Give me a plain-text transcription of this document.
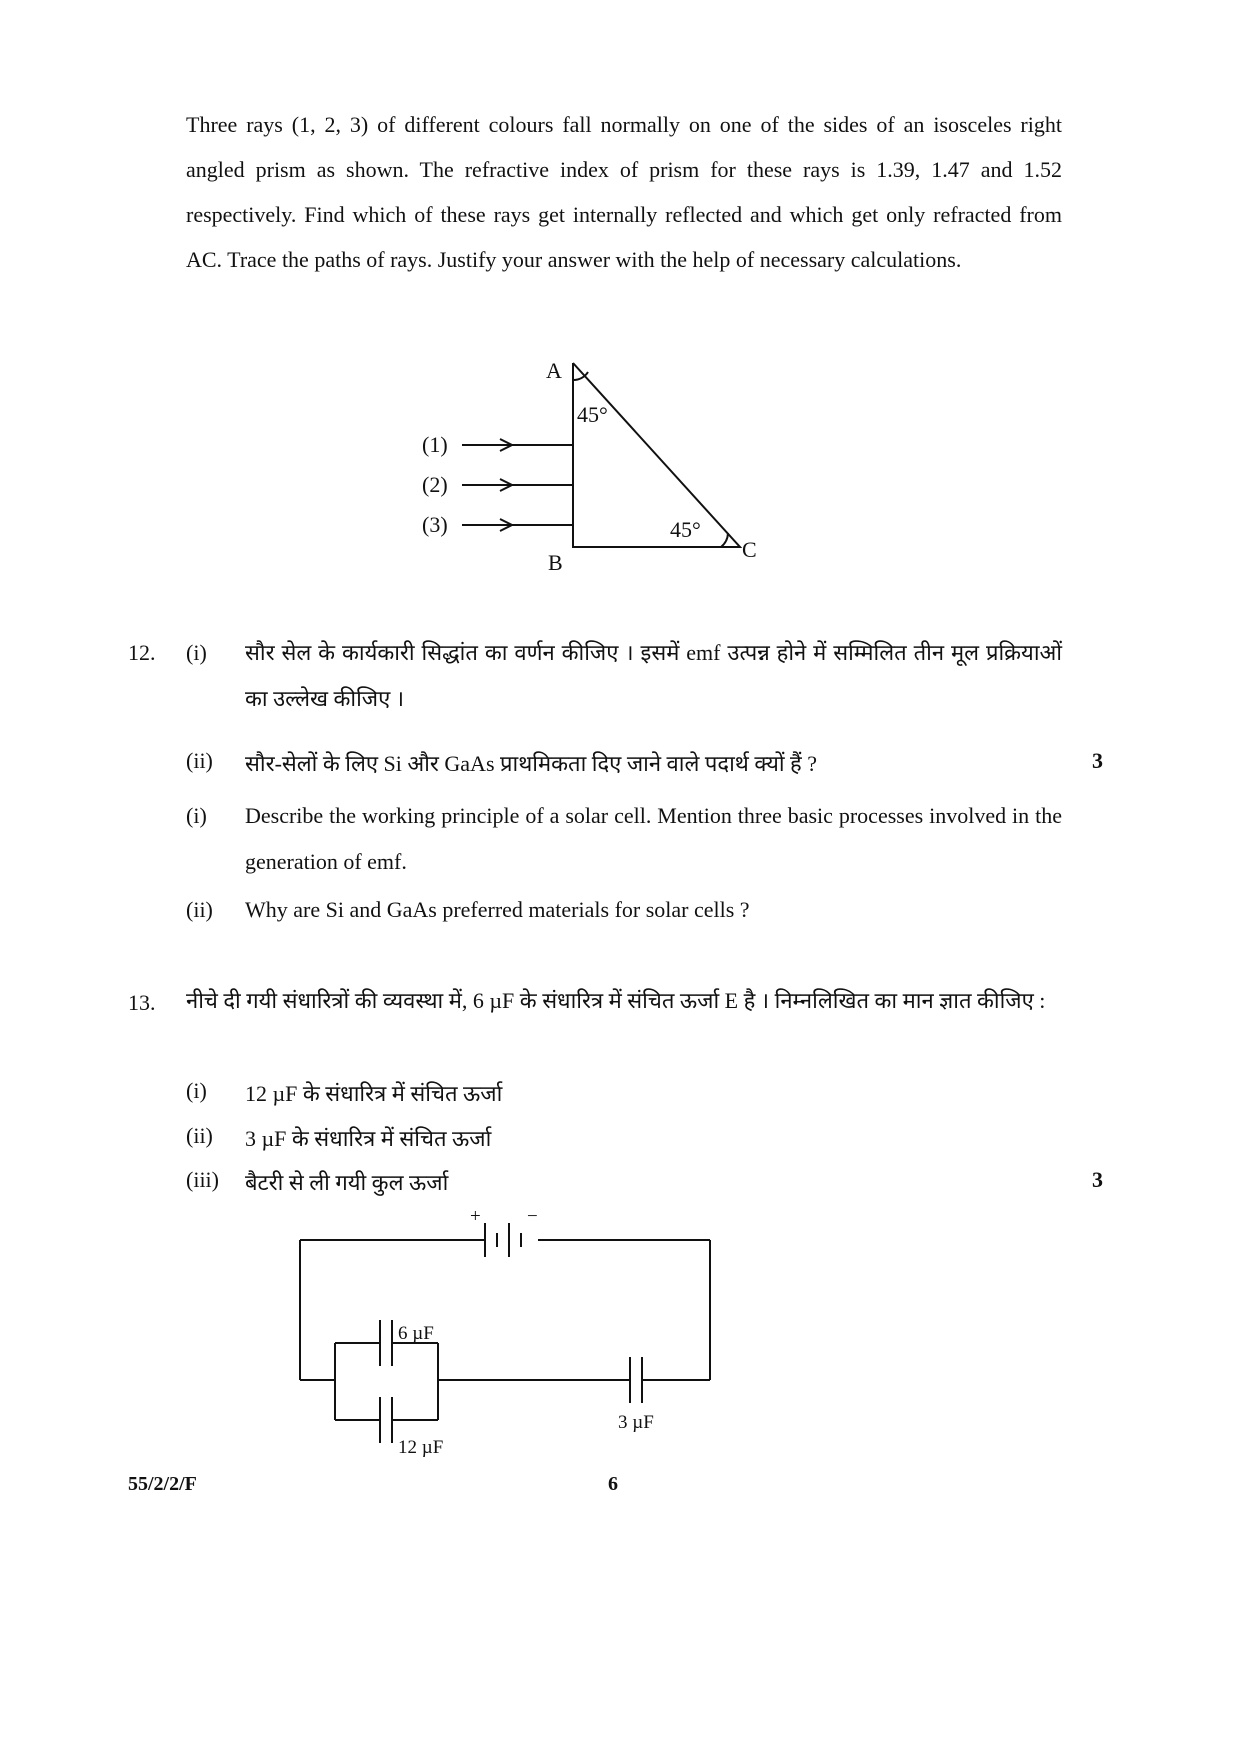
Three rays (1, 2, 3) of different colours fall normally on one of the sides of an isosceles right angled prism as shown. The refractive index of prism for these rays is 1.39, 1.47 and 1.52 respectively. Find which of these rays get internally reflected and which get only refracted from AC. Trace the paths of rays. Justify your answer with the help of necessary calculations.
A
B
C
45°
45°
(1)
(2)
(3)
12. (i) सौर सेल के कार्यकारी सिद्धांत का वर्णन कीजिए । इसमें emf उत्पन्न होने में सम्मिलित तीन मूल प्रक्रियाओं का उल्लेख कीजिए ।
(ii) सौर-सेलों के लिए Si और GaAs प्राथमिकता दिए जाने वाले पदार्थ क्यों हैं ?	3
(i) Describe the working principle of a solar cell. Mention three basic processes involved in the generation of emf.
(ii) Why are Si and GaAs preferred materials for solar cells ?
13. नीचे दी गयी संधारित्रों की व्यवस्था में, 6 µF के संधारित्र में संचित ऊर्जा E है । निम्नलिखित का मान ज्ञात कीजिए :
(i) 12 µF के संधारित्र में संचित ऊर्जा
(ii) 3 µF के संधारित्र में संचित ऊर्जा
(iii) बैटरी से ली गयी कुल ऊर्जा	3
+ −
6 µF
12 µF
3 µF
55/2/2/F	6
